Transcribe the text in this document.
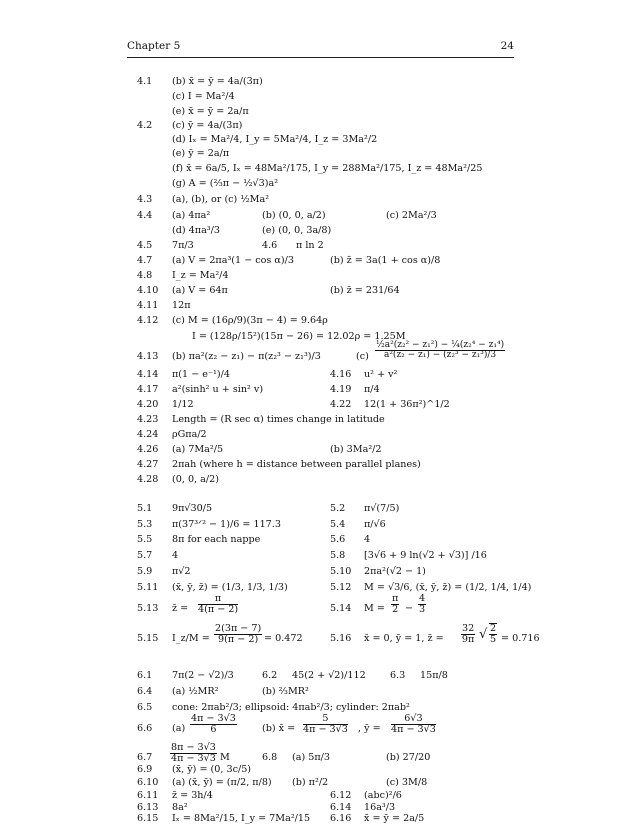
Chapter 5	24
4.1 (b) x̄ = ȳ = 4a/(3π)
(c) I = Ma²/4
(e) x̄ = ȳ = 2a/π
4.2 (c) ȳ = 4a/(3π)
(d) Iₓ = Ma²/4, I_y = 5Ma²/4, I_z = 3Ma²/2
(e) ȳ = 2a/π
(f) x̄ = 6a/5, Iₓ = 48Ma²/175, I_y = 288Ma²/175, I_z = 48Ma²/25
(g) A = (⅔π − ½√3)a²
4.3 (a), (b), or (c) ½Ma²
4.4 (a) 4πa²	(b) (0, 0, a/2)	(c) 2Ma²/3
(d) 4πa³/3	(e) (0, 0, 3a/8)
4.5 7π/3	4.6 π ln 2
4.7 (a) V = 2πa³(1 − cos α)/3	(b) z̄ = 3a(1 + cos α)/8
4.8 I_z = Ma²/4
4.10 (a) V = 64π	(b) z̄ = 231/64
4.11 12π
4.12 (c) M = (16ρ/9)(3π − 4) = 9.64ρ
I = (128ρ/15²)(15π − 26) = 12.02ρ = 1.25M
4.13 (b) πa²(z₂ − z₁) − π(z₂³ − z₁³)/3	$(c) \frac{\text{½a²(z₂² − z₁²) − ¼(z₂⁴ − z₁⁴)}}{\text{a²(z₂ − z₁) − (z₂³ − z₁³)/3}}$
4.14 π(1 − e⁻¹)/4	4.16 u² + v²
4.17 a²(sinh² u + sin² v)	4.19 π/4
4.20 1/12	4.22 12(1 + 36π²)^1/2
4.23 Length = (R sec α) times change in latitude
4.24 ρGπa/2
4.26 (a) 7Ma²/5	(b) 3Ma²/2
4.27 2πah (where h = distance between parallel planes)
4.28 (0, 0, a/2)
5.1 9π√30/5	5.2 π√(7/5)
5.3 π(37³ᐟ² − 1)/6 = 117.3	5.4 π/√6
5.5 8π for each nappe	5.6 4
5.7 4	5.8 [3√6 + 9 ln(√2 + √3)] /16
5.9 π√2	5.10 2πa²(√2 − 1)
5.11 (x̄, ȳ, z̄) = (1/3, 1/3, 1/3)	5.12 M = √3/6, (x̄, ȳ, z̄) = (1/2, 1/4, 1/4)
5.13 z̄ = $\frac{\pi}{4(\pi - 2)}$	5.14 $M = \frac{\pi}{2} - \frac{4}{3}$
5.15 I_z/M = $\frac{2(3\pi - 7)}{9(\pi - 2)} = 0.472$	5.16 x̄ = 0, ȳ = 1, z̄ = $\frac{32}{9\pi}$ √ $\frac{2}{5} = 0.716$
6.1 7π(2 − √2)/3	6.2 45(2 + √2)/112	6.3 15π/8
6.4 (a) ½MR²	(b) ⅔MR²
6.5 cone: 2πab²/3; ellipsoid: 4πab²/3; cylinder: 2πab²
6.6 $(a) \frac{4\pi - 3√3}{6}$	(b) x̄ = $\frac{5}{4\pi - 3√3}$ , ȳ = $\frac{6√3}{4\pi - 3√3}$
$6.7 \frac{8\pi - 3√3}{4\pi - 3√3}$ M	6.8 (a) 5π/3	(b) 27/20
6.9 (x̄, ȳ) = (0, 3c/5)
6.10 (a) (x̄, ȳ) = (π/2, π/8) (b) π²/2	(c) 3M/8
6.11 z̄ = 3h/4	6.12 (abc)²/6
6.13 8a²	6.14 16a³/3
6.15 Iₓ = 8Ma²/15, I_y = 7Ma²/15 6.16 x̄ = ȳ = 2a/5
